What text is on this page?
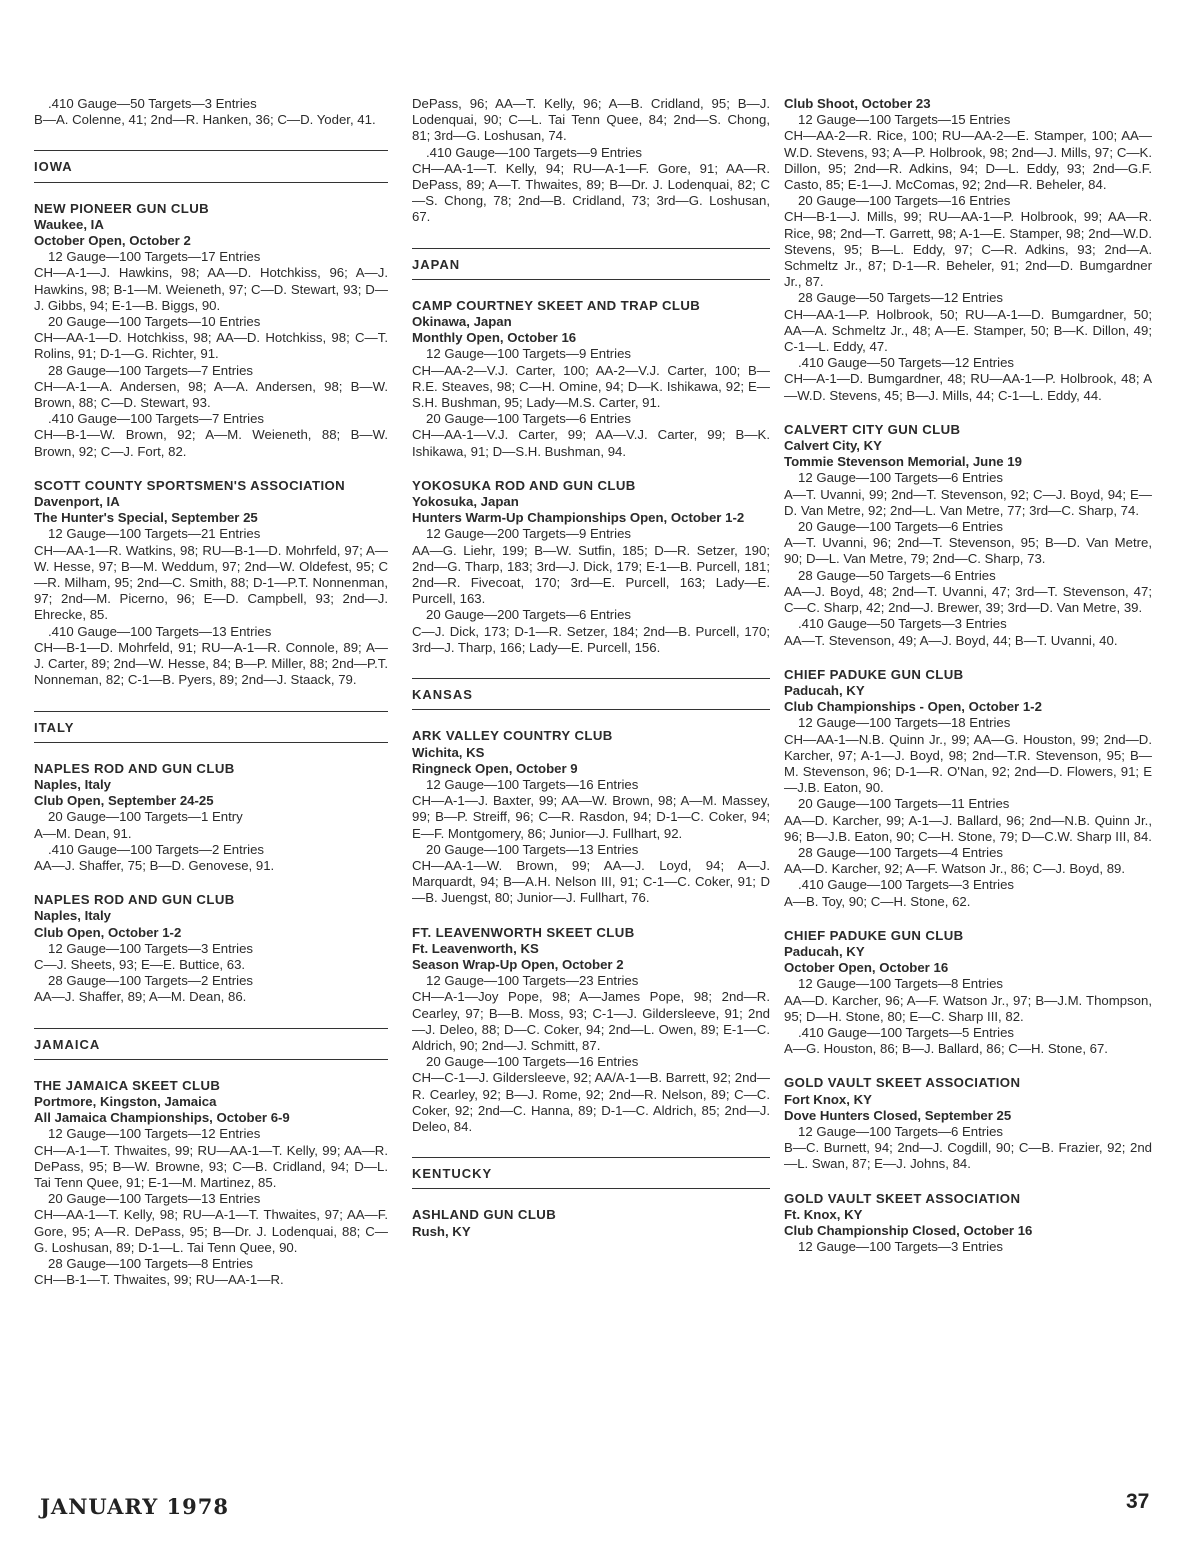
.410 Gauge—50 Targets—3 Entries
B—A. Colenne, 41; 2nd—R. Hanken, 36; C—D. Yoder, 41.
IOWA
NEW PIONEER GUN CLUB
Waukee, IA
October Open, October 2
12 Gauge—100 Targets—17 Entries
CH—A-1—J. Hawkins, 98; AA—D. Hotchkiss, 96; A—J. Hawkins, 98; B-1—M. Weieneth, 97; C—D. Stewart, 93; D—J. Gibbs, 94; E-1—B. Biggs, 90.
20 Gauge—100 Targets—10 Entries
CH—AA-1—D. Hotchkiss, 98; AA—D. Hotchkiss, 98; C—T. Rolins, 91; D-1—G. Richter, 91.
28 Gauge—100 Targets—7 Entries
CH—A-1—A. Andersen, 98; A—A. Andersen, 98; B—W. Brown, 88; C—D. Stewart, 93.
.410 Gauge—100 Targets—7 Entries
CH—B-1—W. Brown, 92; A—M. Weieneth, 88; B—W. Brown, 92; C—J. Fort, 82.
SCOTT COUNTY SPORTSMEN'S ASSOCIATION
Davenport, IA
The Hunter's Special, September 25
12 Gauge—100 Targets—21 Entries
CH—AA-1—R. Watkins, 98; RU—B-1—D. Mohrfeld, 97; A—W. Hesse, 97; B—M. Weddum, 97; 2nd—W. Oldefest, 95; C—R. Milham, 95; 2nd—C. Smith, 88; D-1—P.T. Nonnenman, 97; 2nd—M. Picerno, 96; E—D. Campbell, 93; 2nd—J. Ehrecke, 85.
.410 Gauge—100 Targets—13 Entries
CH—B-1—D. Mohrfeld, 91; RU—A-1—R. Connole, 89; A—J. Carter, 89; 2nd—W. Hesse, 84; B—P. Miller, 88; 2nd—P.T. Nonneman, 82; C-1—B. Pyers, 89; 2nd—J. Staack, 79.
ITALY
NAPLES ROD AND GUN CLUB
Naples, Italy
Club Open, September 24-25
20 Gauge—100 Targets—1 Entry
A—M. Dean, 91.
.410 Gauge—100 Targets—2 Entries
AA—J. Shaffer, 75; B—D. Genovese, 91.
NAPLES ROD AND GUN CLUB
Naples, Italy
Club Open, October 1-2
12 Gauge—100 Targets—3 Entries
C—J. Sheets, 93; E—E. Buttice, 63.
28 Gauge—100 Targets—2 Entries
AA—J. Shaffer, 89; A—M. Dean, 86.
JAMAICA
THE JAMAICA SKEET CLUB
Portmore, Kingston, Jamaica
All Jamaica Championships, October 6-9
12 Gauge—100 Targets—12 Entries
CH—A-1—T. Thwaites, 99; RU—AA-1—T. Kelly, 99; AA—R. DePass, 95; B—W. Browne, 93; C—B. Cridland, 94; D—L. Tai Tenn Quee, 91; E-1—M. Martinez, 85.
20 Gauge—100 Targets—13 Entries
CH—AA-1—T. Kelly, 98; RU—A-1—T. Thwaites, 97; AA—F. Gore, 95; A—R. DePass, 95; B—Dr. J. Lodenquai, 88; C—G. Loshusan, 89; D-1—L. Tai Tenn Quee, 90.
28 Gauge—100 Targets—8 Entries
CH—B-1—T. Thwaites, 99; RU—AA-1—R.
DePass, 96; AA—T. Kelly, 96; A—B. Cridland, 95; B—J. Lodenquai, 90; C—L. Tai Tenn Quee, 84; 2nd—S. Chong, 81; 3rd—G. Loshusan, 74.
.410 Gauge—100 Targets—9 Entries
CH—AA-1—T. Kelly, 94; RU—A-1—F. Gore, 91; AA—R. DePass, 89; A—T. Thwaites, 89; B—Dr. J. Lodenquai, 82; C—S. Chong, 78; 2nd—B. Cridland, 73; 3rd—G. Loshusan, 67.
JAPAN
CAMP COURTNEY SKEET AND TRAP CLUB
Okinawa, Japan
Monthly Open, October 16
12 Gauge—100 Targets—9 Entries
CH—AA-2—V.J. Carter, 100; AA-2—V.J. Carter, 100; B—R.E. Steaves, 98; C—H. Omine, 94; D—K. Ishikawa, 92; E—S.H. Bushman, 95; Lady—M.S. Carter, 91.
20 Gauge—100 Targets—6 Entries
CH—AA-1—V.J. Carter, 99; AA—V.J. Carter, 99; B—K. Ishikawa, 91; D—S.H. Bushman, 94.
YOKOSUKA ROD AND GUN CLUB
Yokosuka, Japan
Hunters Warm-Up Championships Open, October 1-2
12 Gauge—200 Targets—9 Entries
AA—G. Liehr, 199; B—W. Sutfin, 185; D—R. Setzer, 190; 2nd—G. Tharp, 183; 3rd—J. Dick, 179; E-1—B. Purcell, 181; 2nd—R. Fivecoat, 170; 3rd—E. Purcell, 163; Lady—E. Purcell, 163.
20 Gauge—200 Targets—6 Entries
C—J. Dick, 173; D-1—R. Setzer, 184; 2nd—B. Purcell, 170; 3rd—J. Tharp, 166; Lady—E. Purcell, 156.
KANSAS
ARK VALLEY COUNTRY CLUB
Wichita, KS
Ringneck Open, October 9
12 Gauge—100 Targets—16 Entries
CH—A-1—J. Baxter, 99; AA—W. Brown, 98; A—M. Massey, 99; B—P. Streiff, 96; C—R. Rasdon, 94; D-1—C. Coker, 94; E—F. Montgomery, 86; Junior—J. Fullhart, 92.
20 Gauge—100 Targets—13 Entries
CH—AA-1—W. Brown, 99; AA—J. Loyd, 94; A—J. Marquardt, 94; B—A.H. Nelson III, 91; C-1—C. Coker, 91; D—B. Juengst, 80; Junior—J. Fullhart, 76.
FT. LEAVENWORTH SKEET CLUB
Ft. Leavenworth, KS
Season Wrap-Up Open, October 2
12 Gauge—100 Targets—23 Entries
CH—A-1—Joy Pope, 98; A—James Pope, 98; 2nd—R. Cearley, 97; B—B. Moss, 93; C-1—J. Gildersleeve, 91; 2nd—J. Deleo, 88; D—C. Coker, 94; 2nd—L. Owen, 89; E-1—C. Aldrich, 90; 2nd—J. Schmitt, 87.
20 Gauge—100 Targets—16 Entries
CH—C-1—J. Gildersleeve, 92; AA/A-1—B. Barrett, 92; 2nd—R. Cearley, 92; B—J. Rome, 92; 2nd—R. Nelson, 89; C—C. Coker, 92; 2nd—C. Hanna, 89; D-1—C. Aldrich, 85; 2nd—J. Deleo, 84.
KENTUCKY
ASHLAND GUN CLUB
Rush, KY
Club Shoot, October 23
12 Gauge—100 Targets—15 Entries
CH—AA-2—R. Rice, 100; RU—AA-2—E. Stamper, 100; AA—W.D. Stevens, 93; A—P. Holbrook, 98; 2nd—J. Mills, 97; C—K. Dillon, 95; 2nd—R. Adkins, 94; D—L. Eddy, 93; 2nd—G.F. Casto, 85; E-1—J. McComas, 92; 2nd—R. Beheler, 84.
20 Gauge—100 Targets—16 Entries
CH—B-1—J. Mills, 99; RU—AA-1—P. Holbrook, 99; AA—R. Rice, 98; 2nd—T. Garrett, 98; A-1—E. Stamper, 98; 2nd—W.D. Stevens, 95; B—L. Eddy, 97; C—R. Adkins, 93; 2nd—A. Schmeltz Jr., 87; D-1—R. Beheler, 91; 2nd—D. Bumgardner Jr., 87.
28 Gauge—50 Targets—12 Entries
CH—AA-1—P. Holbrook, 50; RU—A-1—D. Bumgardner, 50; AA—A. Schmeltz Jr., 48; A—E. Stamper, 50; B—K. Dillon, 49; C-1—L. Eddy, 47.
.410 Gauge—50 Targets—12 Entries
CH—A-1—D. Bumgardner, 48; RU—AA-1—P. Holbrook, 48; A—W.D. Stevens, 45; B—J. Mills, 44; C-1—L. Eddy, 44.
CALVERT CITY GUN CLUB
Calvert City, KY
Tommie Stevenson Memorial, June 19
12 Gauge—100 Targets—6 Entries
A—T. Uvanni, 99; 2nd—T. Stevenson, 92; C—J. Boyd, 94; E—D. Van Metre, 92; 2nd—L. Van Metre, 77; 3rd—C. Sharp, 74.
20 Gauge—100 Targets—6 Entries
A—T. Uvanni, 96; 2nd—T. Stevenson, 95; B—D. Van Metre, 90; D—L. Van Metre, 79; 2nd—C. Sharp, 73.
28 Gauge—50 Targets—6 Entries
AA—J. Boyd, 48; 2nd—T. Uvanni, 47; 3rd—T. Stevenson, 47; C—C. Sharp, 42; 2nd—J. Brewer, 39; 3rd—D. Van Metre, 39.
.410 Gauge—50 Targets—3 Entries
AA—T. Stevenson, 49; A—J. Boyd, 44; B—T. Uvanni, 40.
CHIEF PADUKE GUN CLUB
Paducah, KY
Club Championships - Open, October 1-2
12 Gauge—100 Targets—18 Entries
CH—AA-1—N.B. Quinn Jr., 99; AA—G. Houston, 99; 2nd—D. Karcher, 97; A-1—J. Boyd, 98; 2nd—T.R. Stevenson, 95; B—M. Stevenson, 96; D-1—R. O'Nan, 92; 2nd—D. Flowers, 91; E—J.B. Eaton, 90.
20 Gauge—100 Targets—11 Entries
AA—D. Karcher, 99; A-1—J. Ballard, 96; 2nd—N.B. Quinn Jr., 96; B—J.B. Eaton, 90; C—H. Stone, 79; D—C.W. Sharp III, 84.
28 Gauge—100 Targets—4 Entries
AA—D. Karcher, 92; A—F. Watson Jr., 86; C—J. Boyd, 89.
.410 Gauge—100 Targets—3 Entries
A—B. Toy, 90; C—H. Stone, 62.
CHIEF PADUKE GUN CLUB
Paducah, KY
October Open, October 16
12 Gauge—100 Targets—8 Entries
AA—D. Karcher, 96; A—F. Watson Jr., 97; B—J.M. Thompson, 95; D—H. Stone, 80; E—C. Sharp III, 82.
.410 Gauge—100 Targets—5 Entries
A—G. Houston, 86; B—J. Ballard, 86; C—H. Stone, 67.
GOLD VAULT SKEET ASSOCIATION
Fort Knox, KY
Dove Hunters Closed, September 25
12 Gauge—100 Targets—6 Entries
B—C. Burnett, 94; 2nd—J. Cogdill, 90; C—B. Frazier, 92; 2nd—L. Swan, 87; E—J. Johns, 84.
GOLD VAULT SKEET ASSOCIATION
Ft. Knox, KY
Club Championship Closed, October 16
12 Gauge—100 Targets—3 Entries
JANUARY 1978	37
